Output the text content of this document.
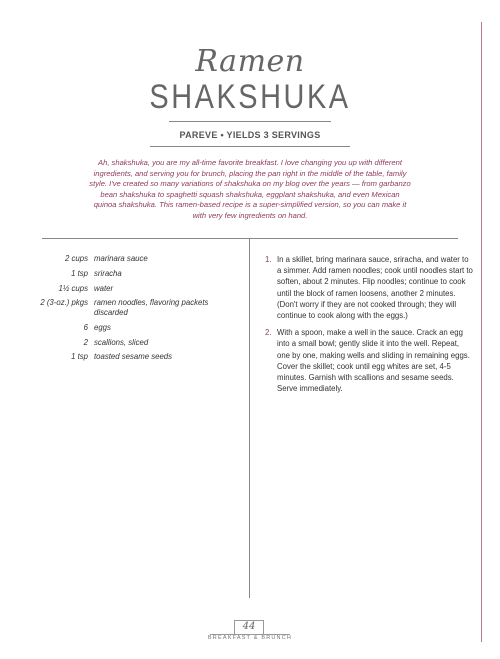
Ramen
SHAKSHUKA
PAREVE • YIELDS 3 SERVINGS
Ah, shakshuka, you are my all-time favorite breakfast. I love changing you up with different ingredients, and serving you for brunch, placing the pan right in the middle of the table, family style. I've created so many variations of shakshuka on my blog over the years — from garbanzo bean shakshuka to spaghetti squash shakshuka, eggplant shakshuka, and even Mexican quinoa shakshuka. This ramen-based recipe is a super-simplified version, so you can make it with very few ingredients on hand.
2 cups marinara sauce
1 tsp sriracha
1½ cups water
2 (3-oz.) pkgs ramen noodles, flavoring packets discarded
6 eggs
2 scallions, sliced
1 tsp toasted sesame seeds
1. In a skillet, bring marinara sauce, sriracha, and water to a simmer. Add ramen noodles; cook until noodles start to soften, about 2 minutes. Flip noodles; continue to cook until the block of ramen loosens, another 2 minutes. (Don't worry if they are not cooked through; they will continue to cook along with the eggs.)
2. With a spoon, make a well in the sauce. Crack an egg into a small bowl; gently slide it into the well. Repeat, one by one, making wells and sliding in remaining eggs. Cover the skillet; cook until egg whites are set, 4-5 minutes. Garnish with scallions and sesame seeds. Serve immediately.
44
BREAKFAST & BRUNCH
